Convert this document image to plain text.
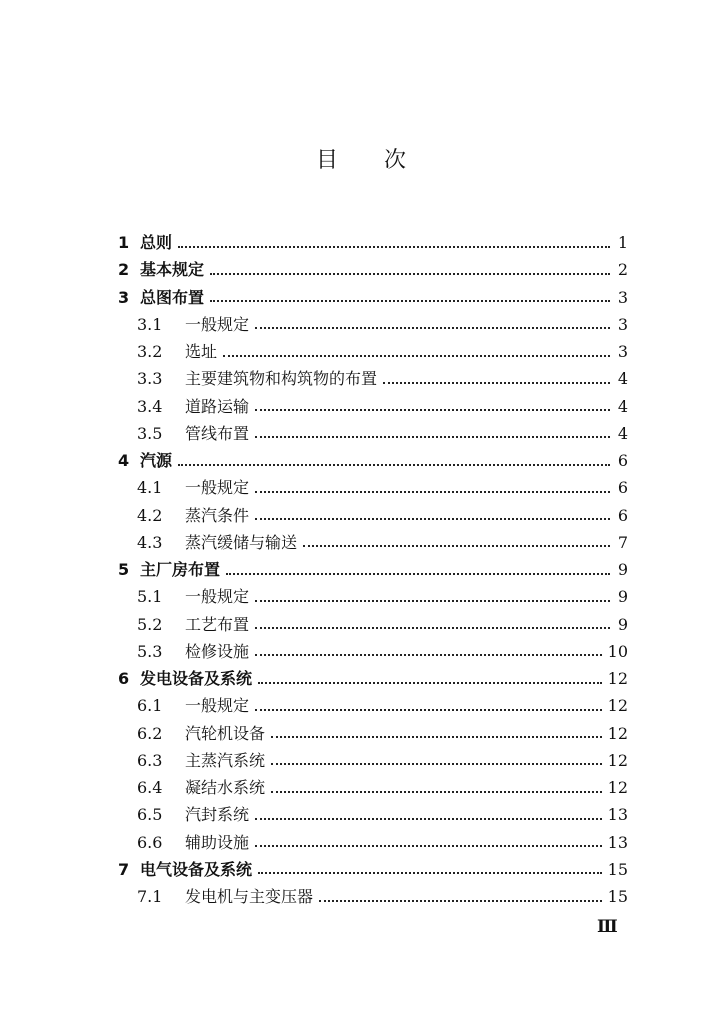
目 次
1 总则	1
2 基本规定	2
3 总图布置	3
3.1	一般规定	3
3.2	选址	3
3.3	主要建筑物和构筑物的布置	4
3.4	道路运输	4
3.5	管线布置	4
4 汽源	6
4.1	一般规定	6
4.2	蒸汽条件	6
4.3	蒸汽缓储与输送	7
5 主厂房布置	9
5.1	一般规定	9
5.2	工艺布置	9
5.3	检修设施	10
6 发电设备及系统	12
6.1	一般规定	12
6.2	汽轮机设备	12
6.3	主蒸汽系统	12
6.4	凝结水系统	12
6.5	汽封系统	13
6.6	辅助设施	13
7 电气设备及系统	15
7.1	发电机与主变压器	15
Ⅲ
